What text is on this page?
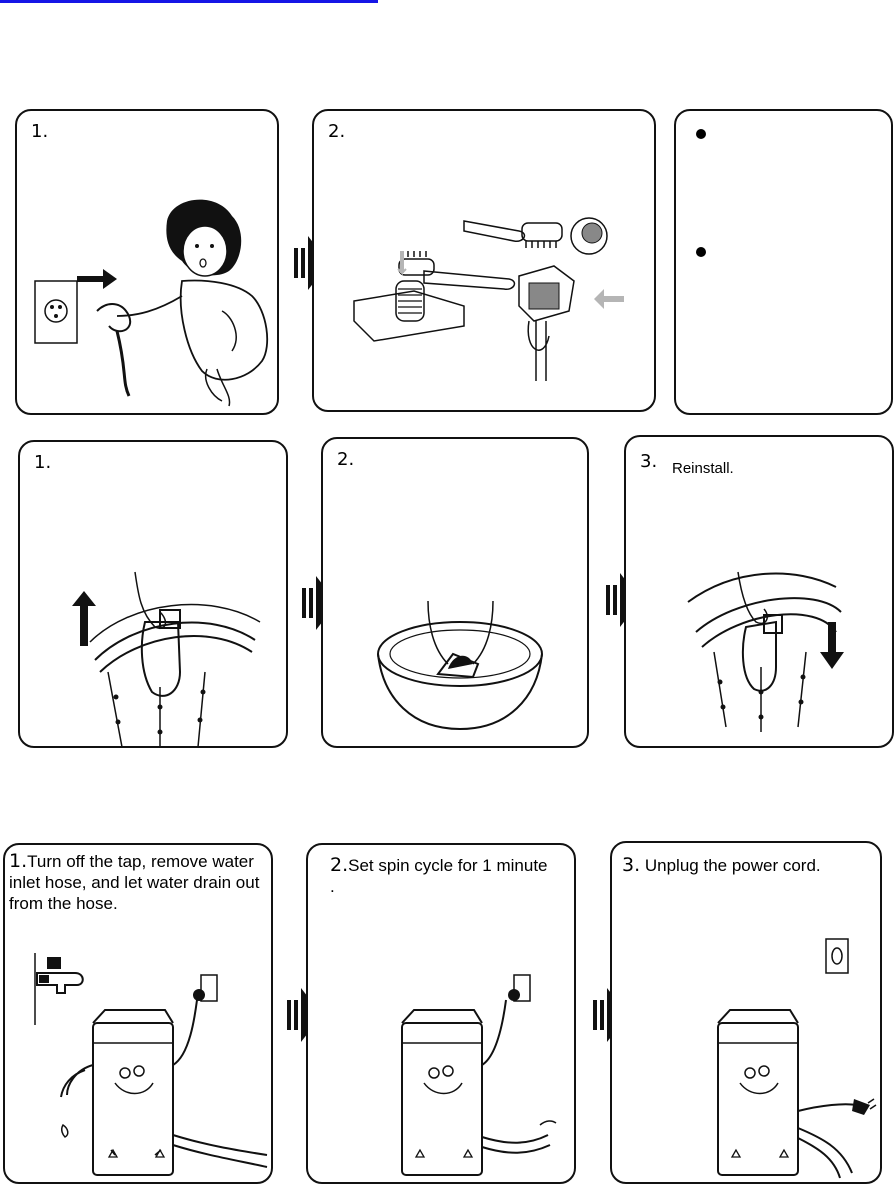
1.	2.
1.	2.	3. Reinstall.
1.Turn off the tap, remove water inlet hose, and let water drain out from the hose.
2.Set spin cycle for 1 minute .
3. Unplug the power cord.
